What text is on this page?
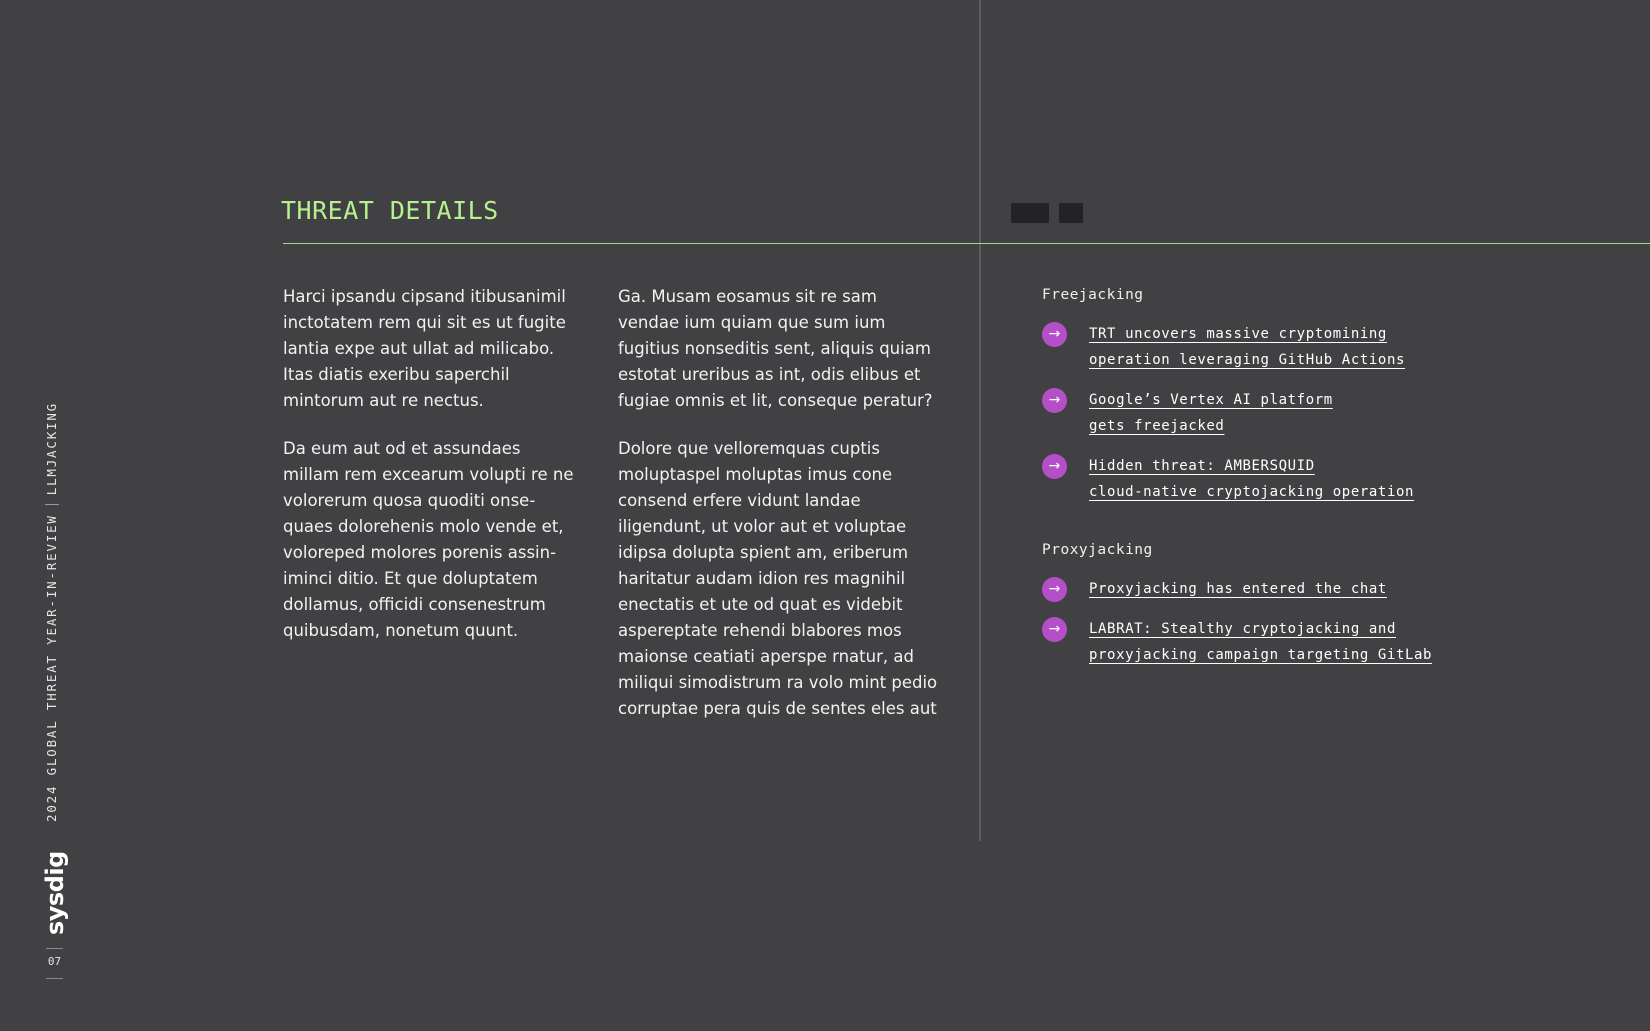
THREAT DETAILS

Harci ipsandu cipsand itibusanimil
inctotatem rem qui sit es ut fugite
lantia expe aut ullat ad milicabo.
Itas diatis exeribu saperchil
mintorum aut re nectus.

Da eum aut od et assundaes
millam rem excearum volupti re ne
volorerum quosa quoditi onse-
quaes dolorehenis molo vende et,
voloreped molores porenis assin-
iminci ditio. Et que doluptatem
dollamus, officidi consenestrum
quibusdam, nonetum quunt.

Ga. Musam eosamus sit re sam
vendae ium quiam que sum ium
fugitius nonseditis sent, aliquis quiam
estotat ureribus as int, odis elibus et
fugiae omnis et lit, conseque peratur?

Dolore que velloremquas cuptis
moluptaspel moluptas imus cone
consend erfere vidunt landae
iligendunt, ut volor aut et voluptae
idipsa dolupta spient am, eriberum
haritatur audam idion res magnihil
enectatis et ute od quat es videbit
aspereptate rehendi blabores mos
maionse ceatiati aperspe rnatur, ad
miliqui simodistrum ra volo mint pedio
corruptae pera quis de sentes eles aut

Freejacking
→	TRT uncovers massive cryptomining
operation leveraging GitHub Actions
→	Google’s Vertex AI platform
gets freejacked
→	Hidden threat: AMBERSQUID
cloud-native cryptojacking operation
Proxyjacking
→	Proxyjacking has entered the chat
→	LABRAT: Stealthy cryptojacking and
proxyjacking campaign targeting GitLab
2024 GLOBAL THREAT YEAR-IN-REVIEW
LLMJACKING
sysdig
07
